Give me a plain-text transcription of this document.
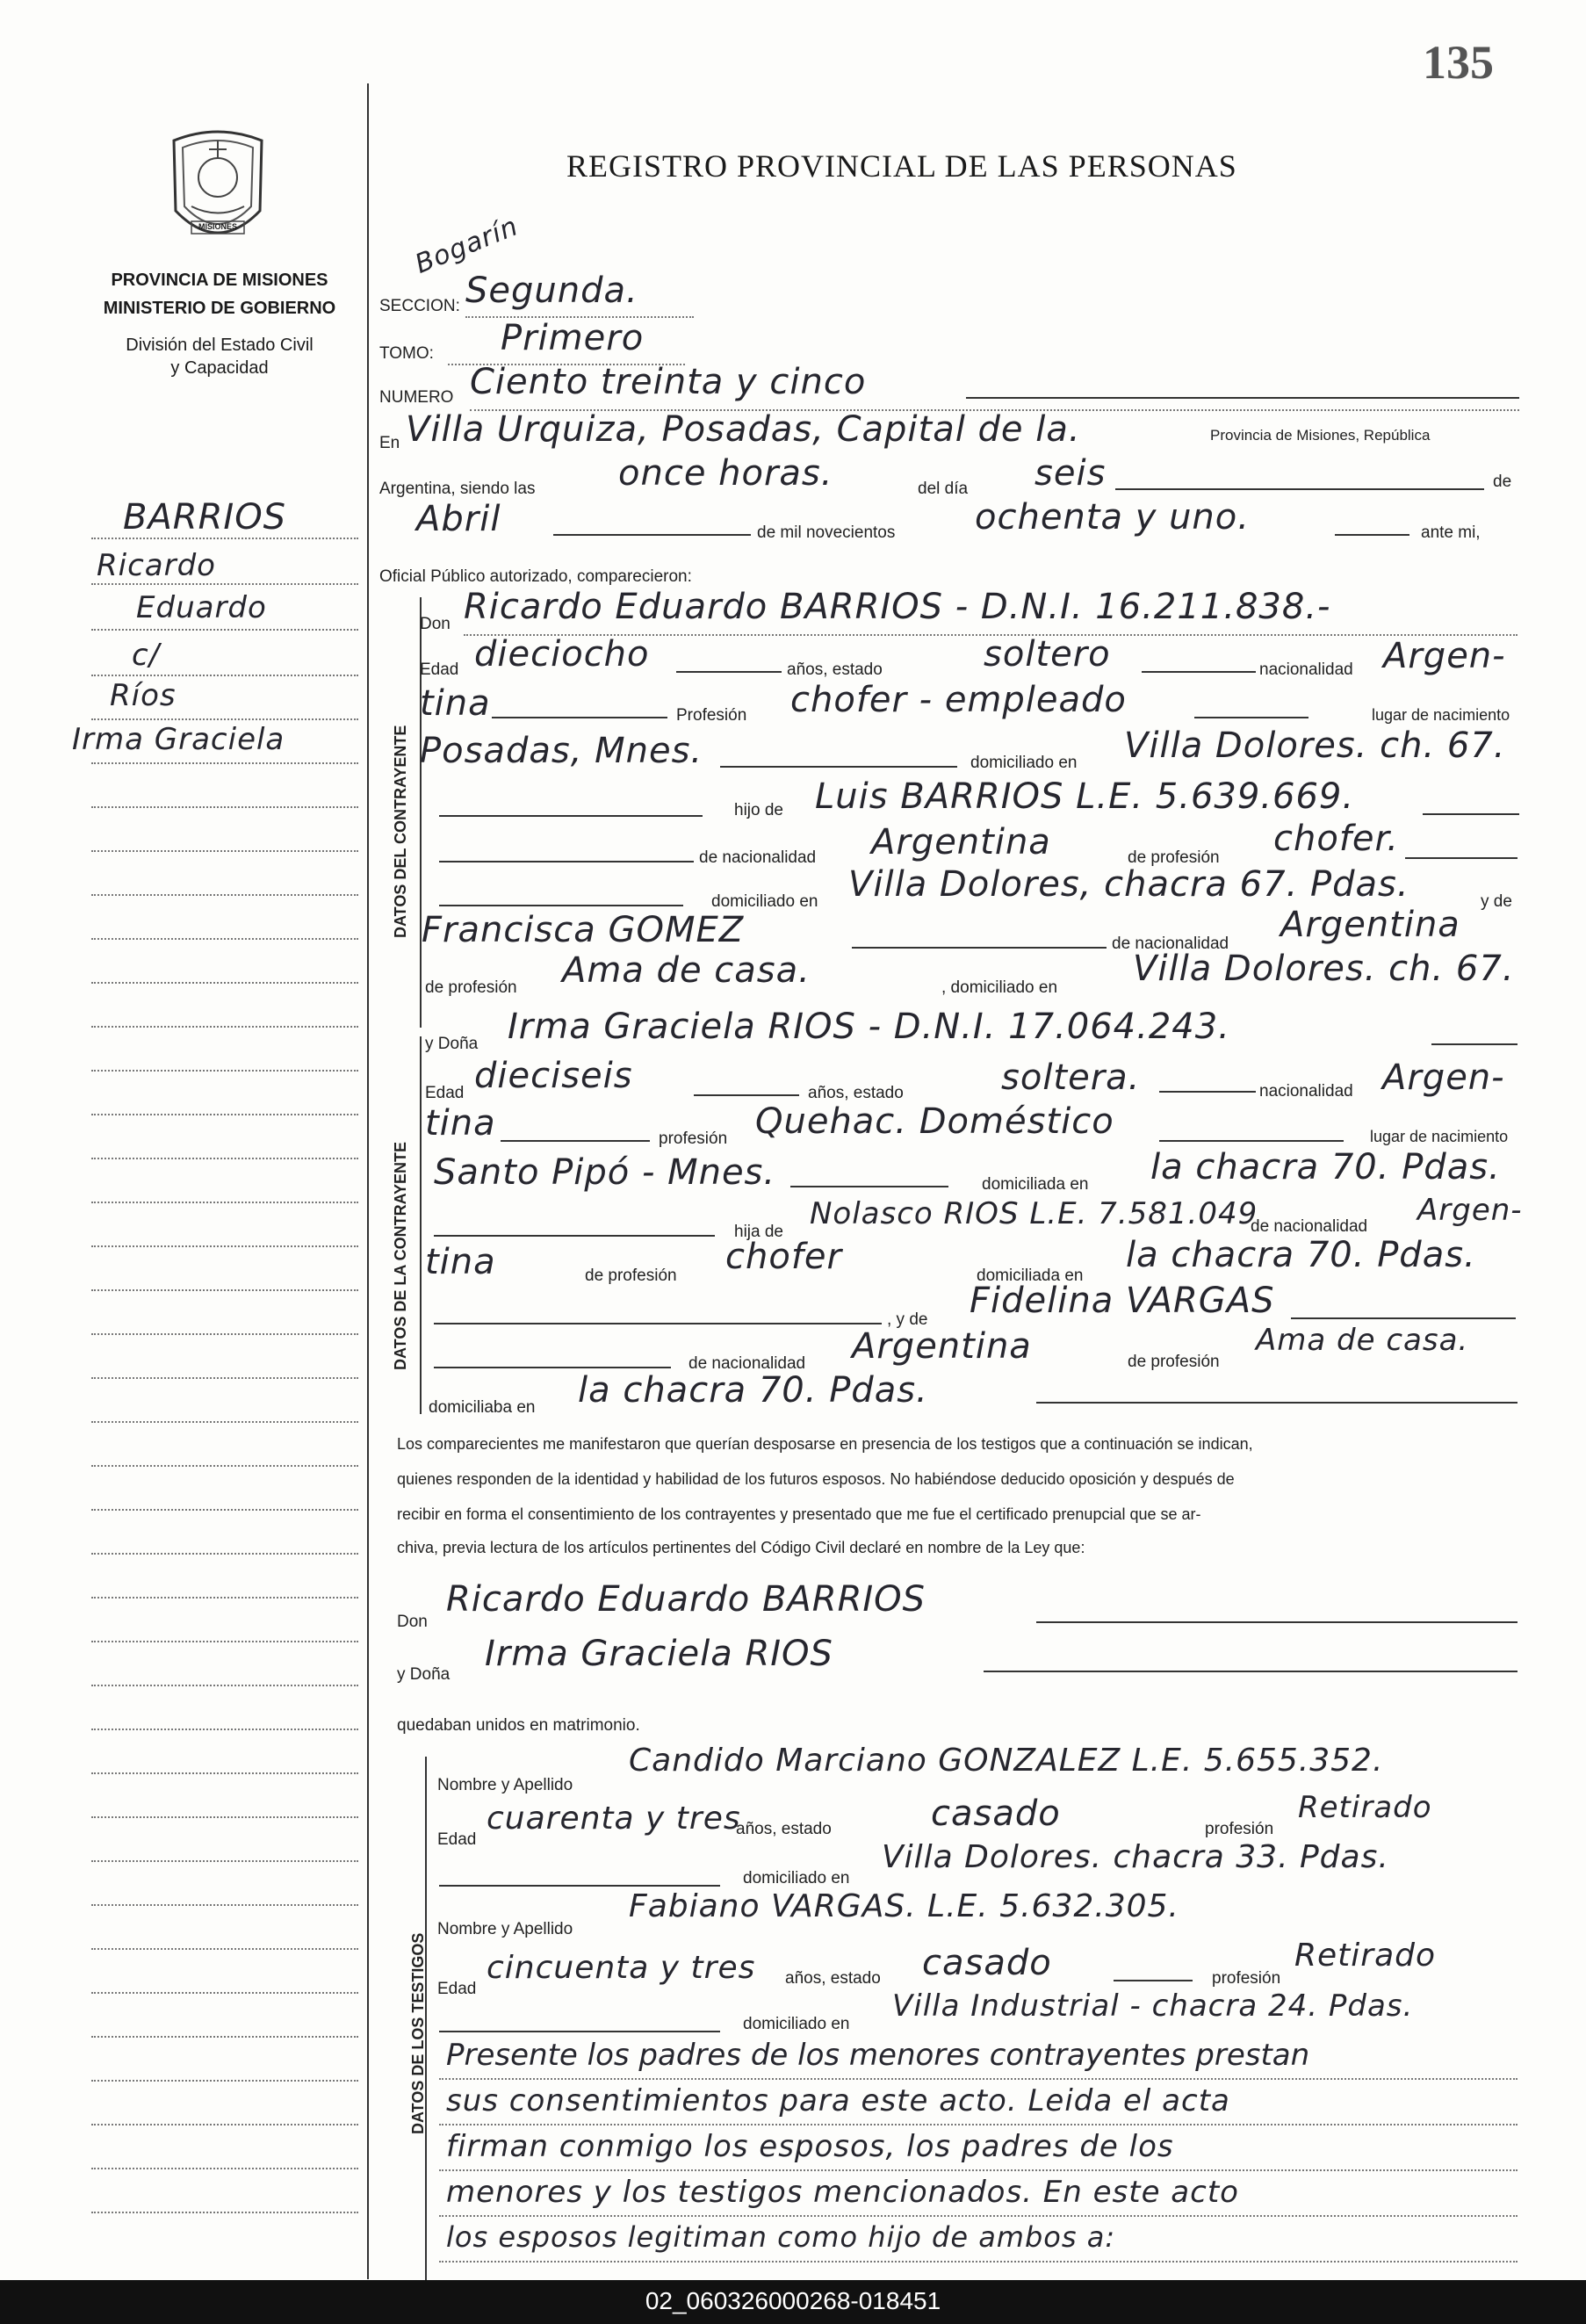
135
MISIONES
PROVINCIA DE MISIONES
MINISTERIO DE GOBIERNO
División del Estado Civil
y Capacidad
REGISTRO PROVINCIAL DE LAS PERSONAS
BARRIOS
Ricardo
Eduardo
c/
Ríos
Irma Graciela
Bogarín
SECCION: Segunda.
TOMO: Primero
NUMERO Ciento treinta y cinco
En Villa Urquiza, Posadas, Capital de la.	Provincia de Misiones, República
Argentina, siendo las once horas.	del día seis	de
Abril	de mil novecientos ochenta y uno.	ante mi,
Oficial Público autorizado, comparecieron:
DATOS DEL CONTRAYENTE
Don Ricardo Eduardo BARRIOS - D.N.I. 16.211.838.-
Edad dieciocho	años, estado	soltero	nacionalidad Argen-
tina	Profesión chofer - empleado	lugar de nacimiento
Posadas, Mnes.	domiciliado en Villa Dolores. ch. 67.
hijo de Luis BARRIOS L.E. 5.639.669.
de nacionalidad Argentina	de profesión chofer.
domiciliado en Villa Dolores, chacra 67. Pdas.	y de
Francisca GOMEZ	de nacionalidad Argentina
de profesión Ama de casa.	, domiciliado en Villa Dolores. ch. 67.
DATOS DE LA CONTRAYENTE
y Doña Irma Graciela RIOS - D.N.I. 17.064.243.
Edad dieciseis	años, estado	soltera.	nacionalidad Argen-
tina	profesión Quehac. Doméstico	lugar de nacimiento
Santo Pipó - Mnes.	domiciliada en la chacra 70. Pdas.
hija de
Nolasco RIOS L.E. 7.581.049
de nacionalidad Argen-
tina	de profesión chofer	domiciliada en
la chacra 70. Pdas.
, y de Fidelina VARGAS
de nacionalidad Argentina	de profesión
Ama de casa.
domiciliaba en la chacra 70. Pdas.
Los comparecientes me manifestaron que querían desposarse en presencia de los testigos que a continuación se indican,
quienes responden de la identidad y habilidad de los futuros esposos. No habiéndose deducido oposición y después de
recibir en forma el consentimiento de los contrayentes y presentado que me fue el certificado prenupcial que se ar-
chiva, previa lectura de los artículos pertinentes del Código Civil declaré en nombre de la Ley que:
Don
Ricardo Eduardo BARRIOS
y Doña
Irma Graciela RIOS
quedaban unidos en matrimonio.
DATOS DE LOS TESTIGOS
Nombre y Apellido
Candido Marciano GONZALEZ L.E. 5.655.352.
Edad
cuarenta y tres
años, estado	casado	profesión
Retirado
domiciliado en
Villa Dolores. chacra 33. Pdas.
Nombre y Apellido
Fabiano VARGAS. L.E. 5.632.305.
Edad
cincuenta y tres años, estado casado	profesión
Retirado
domiciliado en
Villa Industrial - chacra 24. Pdas.
Presente los padres de los menores contrayentes prestan
sus consentimientos para este acto. Leida el acta
firman conmigo los esposos, los padres de los
menores y los testigos mencionados. En este acto
los esposos legitiman como hijo de ambos a:
02_060326000268-018451
